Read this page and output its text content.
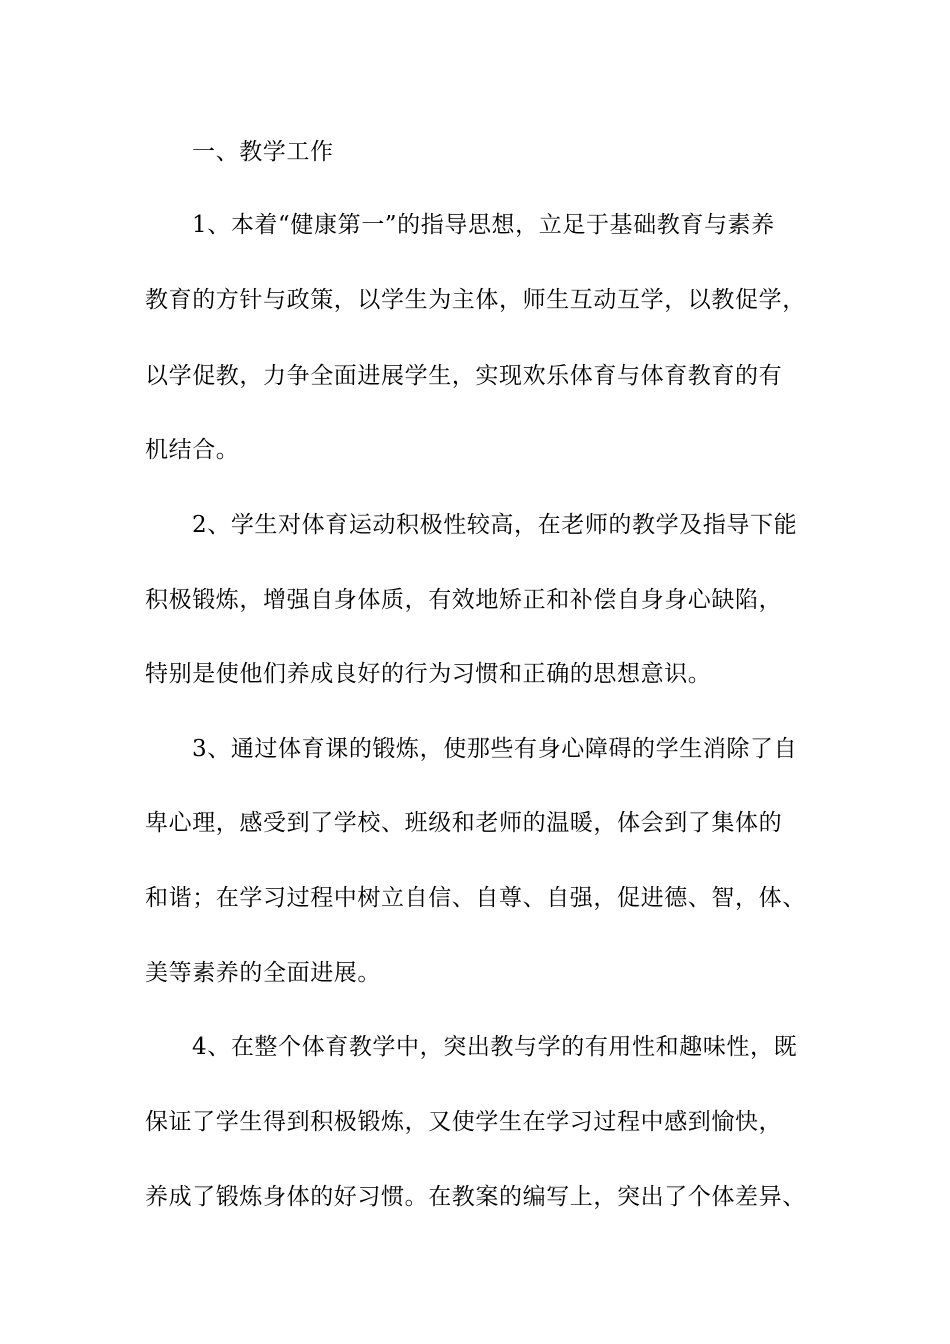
一、教学工作
1、本着“健康第一”的指导思想，立足于基础教育与素养
教育的方针与政策，以学生为主体，师生互动互学，以教促学，
以学促教，力争全面进展学生，实现欢乐体育与体育教育的有
机结合。
2、学生对体育运动积极性较高，在老师的教学及指导下能
积极锻炼，增强自身体质，有效地矫正和补偿自身身心缺陷，
特别是使他们养成良好的行为习惯和正确的思想意识。
3、通过体育课的锻炼，使那些有身心障碍的学生消除了自
卑心理，感受到了学校、班级和老师的温暖，体会到了集体的
和谐；在学习过程中树立自信、自尊、自强，促进德、智，体、
美等素养的全面进展。
4、在整个体育教学中，突出教与学的有用性和趣味性，既
保证了学生得到积极锻炼，又使学生在学习过程中感到愉快，
养成了锻炼身体的好习惯。在教案的编写上，突出了个体差异、
